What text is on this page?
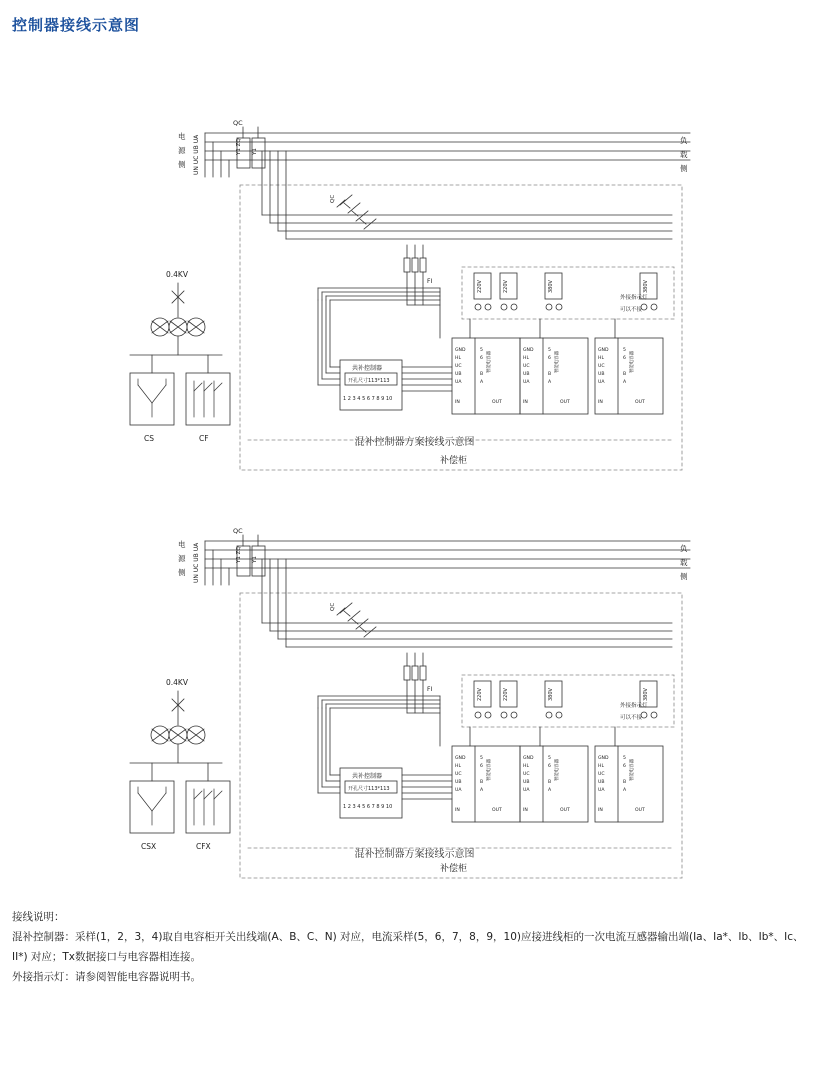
控制器接线示意图
电
源
侧 UN UC UB UA
QC
Y1 ZQ Y1
负
载
侧
QC
FI
0.4KV
CS	CF
共补控制器
开孔尺寸113*113
1 2 3 4 5 6 7 8 9 10
220V	220V	380V	380V
外接指示灯
可以不接
GND
HL
UC
UB
UA
IN
5
6
B
A
OUT
智能电容器
GND
HL
UC
UB
UA
IN
5
6
B
A
OUT
智能电容器
GND
HL
UC
UB
UA
IN
5
6
B
A
OUT
智能电容器
补偿柜
混补控制器方案接线示意图
电
源
侧 UN UC UB UA
QC
Y1 ZQ Y1
负
载
侧
QC
FI
0.4KV
CSX	CFX
共补控制器
开孔尺寸113*113
1 2 3 4 5 6 7 8 9 10
220V	220V	380V	380V
外接指示灯
可以不接
GND
HL
UC
UB
UA
IN
5
6
B
A
OUT
智能电容器
GND
HL
UC
UB
UA
IN
5
6
B
A
OUT
智能电容器
GND
HL
UC
UB
UA
IN
5
6
B
A
OUT
智能电容器
补偿柜
混补控制器方案接线示意图
接线说明：
混补控制器：采样(1，2，3，4)取自电容柜开关出线端(A、B、C、N) 对应，电流采样(5，6，7，8，9，10)应接进线柜的一次电流互感器输出端(Ia、Ia*、Ib、Ib*、Ic、II*) 对应；Tx数据接口与电容器相连接。
外接指示灯：请参阅智能电容器说明书。
